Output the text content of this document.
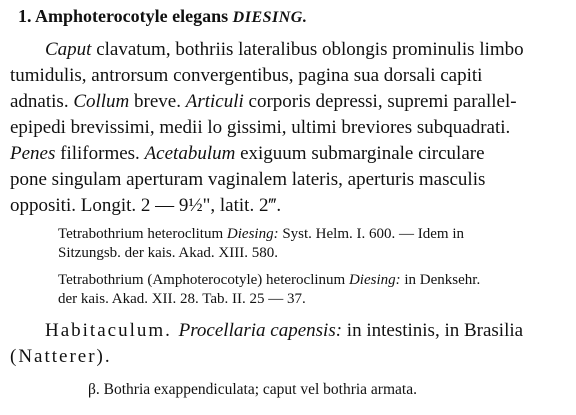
1. Amphoterocotyle elegans DIESING.
Caput clavatum, bothriis lateralibus oblongis prominulis limbo
tumidulis, antrorsum convergentibus, pagina sua dorsali capiti
adnatis. Collum breve. Articuli corporis depressi, supremi parallel-
epipedi brevissimi, medii lo gissimi, ultimi breviores subquadrati.
Penes filiformes. Acetabulum exiguum submarginale circulare
pone singulam aperturam vaginalem lateris, aperturis masculis
oppositi. Longit. 2 — 9½", latit. 2‴.
Tetrabothrium heteroclitum Diesing: Syst. Helm. I. 600. — Idem in
Sitzungsb. der kais. Akad. XIII. 580.
Tetrabothrium (Amphoterocotyle) heteroclinum Diesing: in Denksehr.
der kais. Akad. XII. 28. Tab. II. 25 — 37.
Habitaculum. Procellaria capensis: in intestinis, in Brasilia
(Natterer).
β. Bothria exappendiculata; caput vel bothria armata.
